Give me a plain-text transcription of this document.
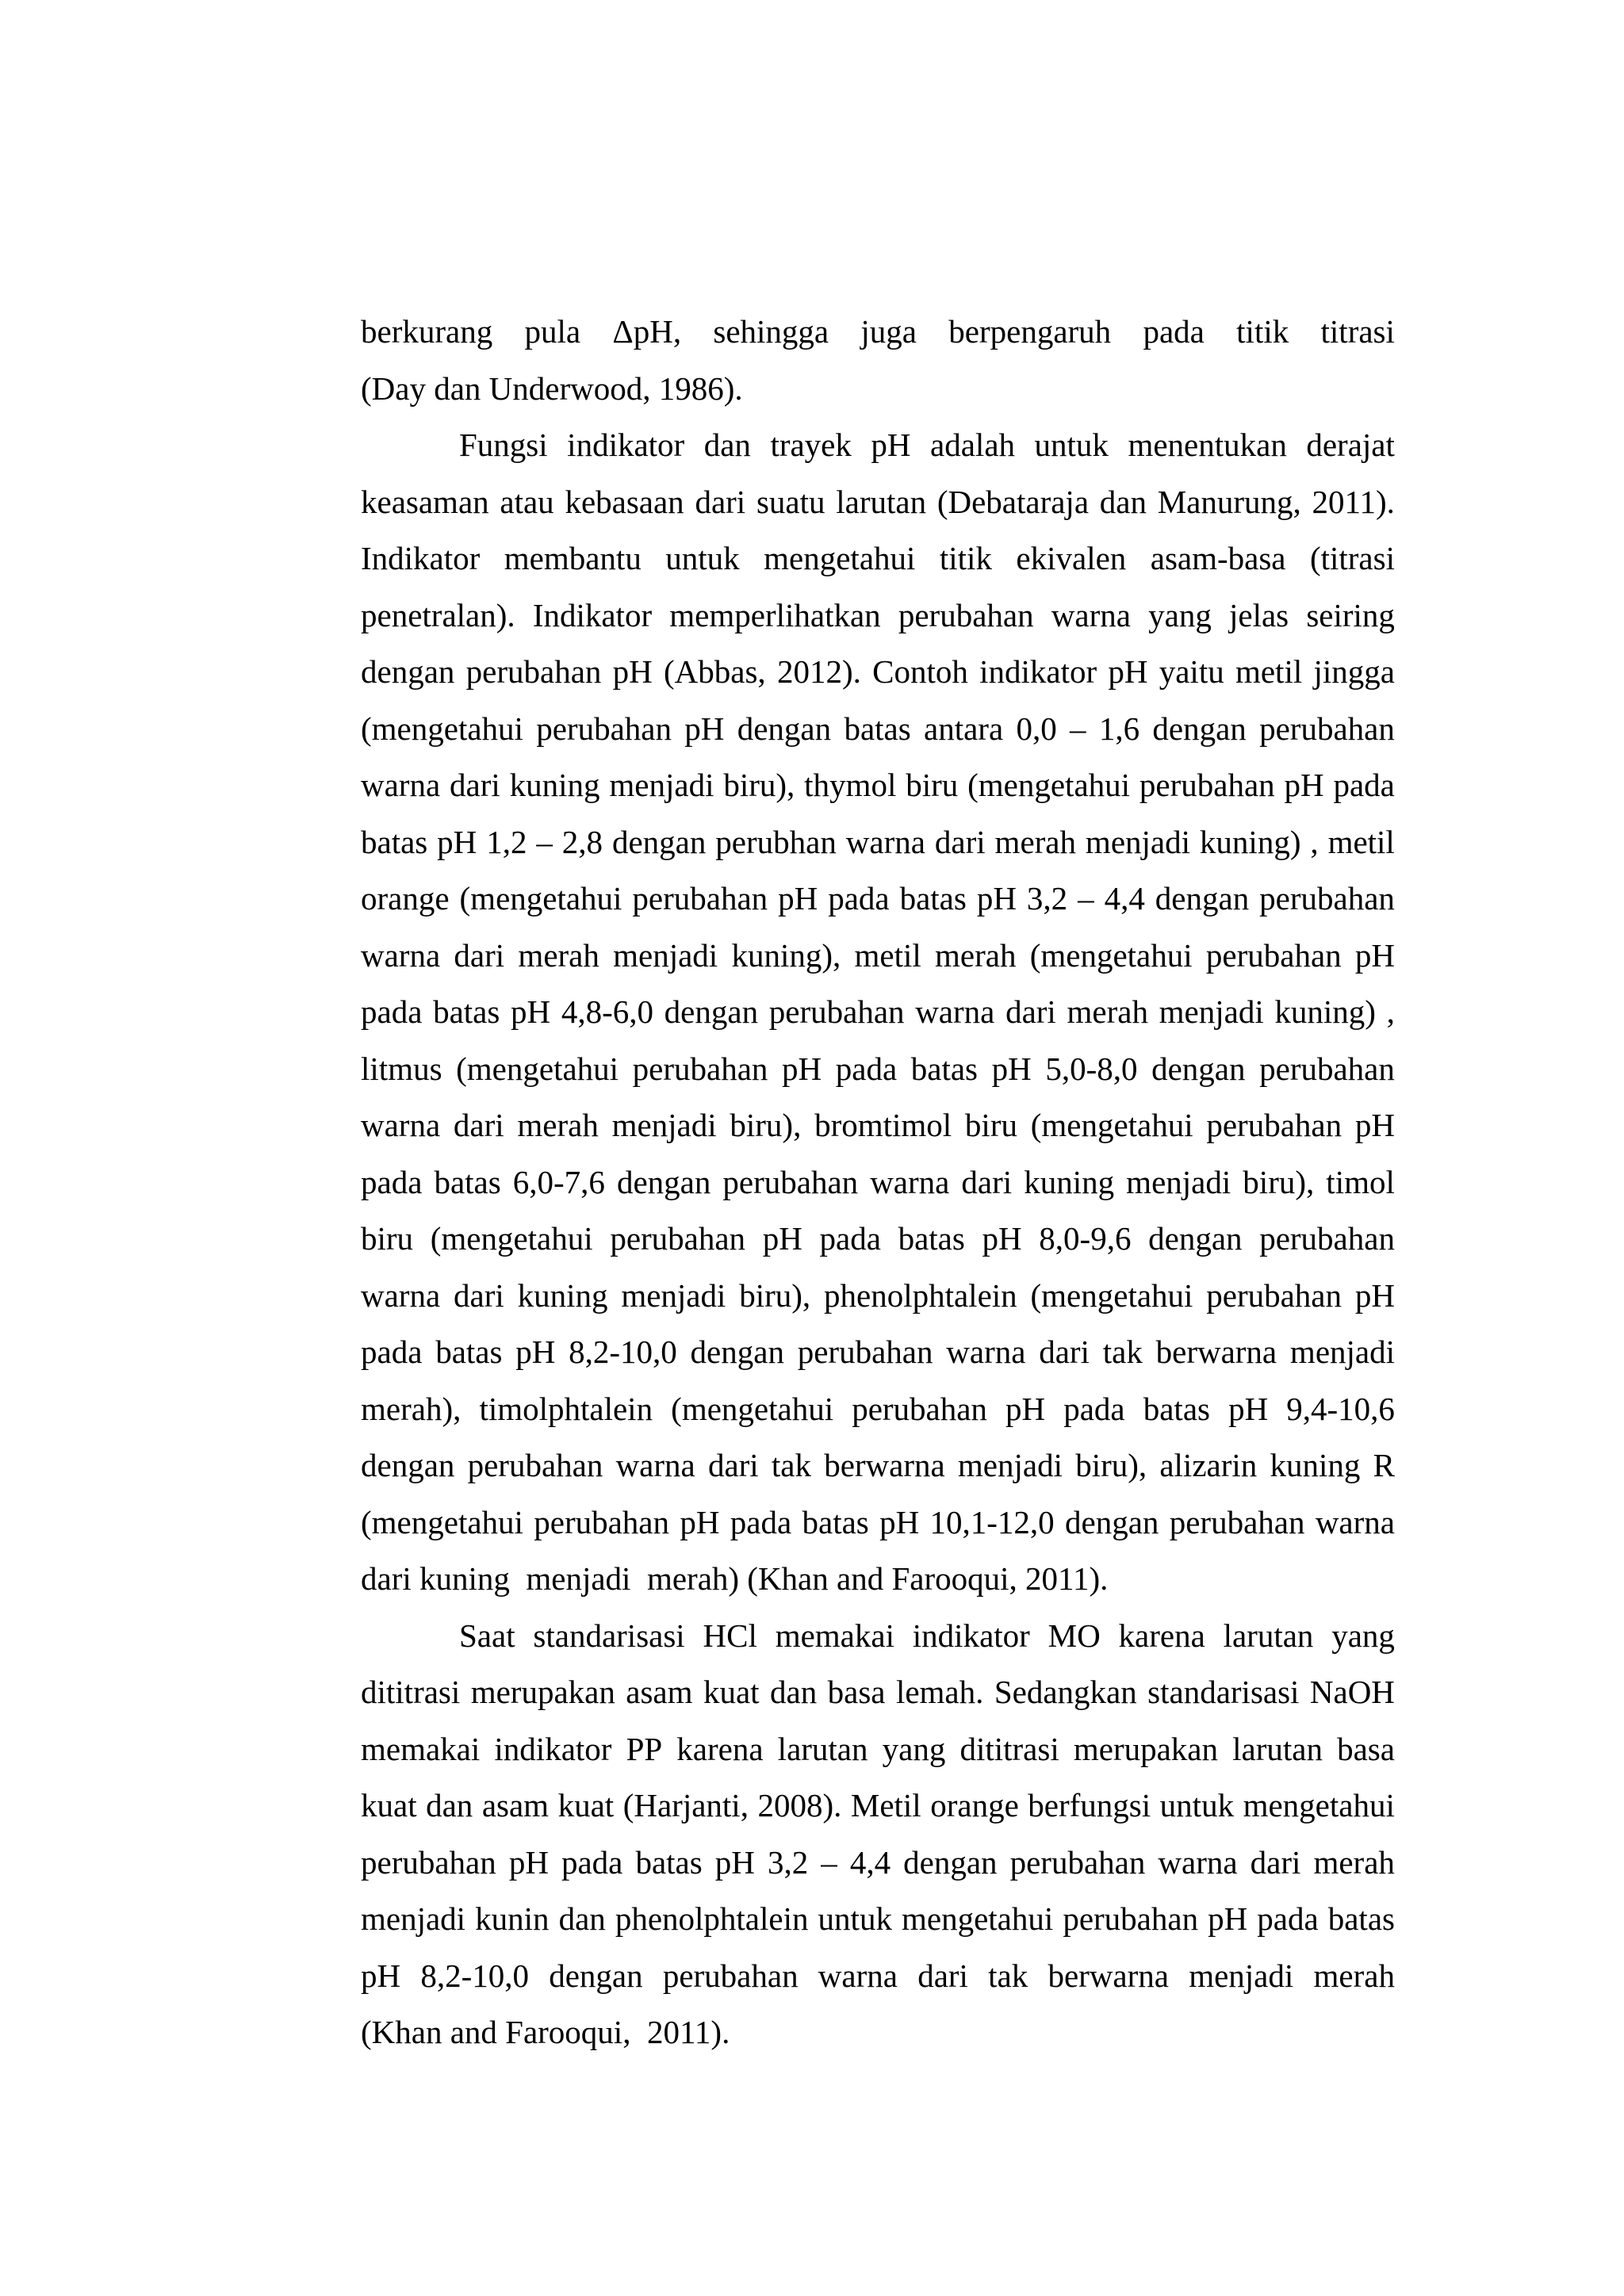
berkurang pula ΔpH, sehingga juga berpengaruh pada titik titrasi
(Day dan Underwood, 1986).
Fungsi indikator dan trayek pH adalah untuk menentukan derajat
keasaman atau kebasaan dari suatu larutan (Debataraja dan Manurung, 2011).
Indikator membantu untuk mengetahui titik ekivalen asam-basa (titrasi
penetralan). Indikator memperlihatkan perubahan warna yang jelas seiring
dengan perubahan pH (Abbas, 2012). Contoh indikator pH yaitu metil jingga
(mengetahui perubahan pH dengan batas antara 0,0 – 1,6 dengan perubahan
warna dari kuning menjadi biru), thymol biru (mengetahui perubahan pH pada
batas pH 1,2 – 2,8 dengan perubhan warna dari merah menjadi kuning) , metil
orange (mengetahui perubahan pH pada batas pH 3,2 – 4,4 dengan perubahan
warna dari merah menjadi kuning), metil merah (mengetahui perubahan pH
pada batas pH 4,8-6,0 dengan perubahan warna dari merah menjadi kuning) ,
litmus (mengetahui perubahan pH pada batas pH 5,0-8,0 dengan perubahan
warna dari merah menjadi biru), bromtimol biru (mengetahui perubahan pH
pada batas 6,0-7,6 dengan perubahan warna dari kuning menjadi biru), timol
biru (mengetahui perubahan pH pada batas pH 8,0-9,6 dengan perubahan
warna dari kuning menjadi biru), phenolphtalein (mengetahui perubahan pH
pada batas pH 8,2-10,0 dengan perubahan warna dari tak berwarna menjadi
merah), timolphtalein (mengetahui perubahan pH pada batas pH 9,4-10,6
dengan perubahan warna dari tak berwarna menjadi biru), alizarin kuning R
(mengetahui perubahan pH pada batas pH 10,1-12,0 dengan perubahan warna
dari kuning  menjadi  merah) (Khan and Farooqui, 2011).
Saat standarisasi HCl memakai indikator MO karena larutan yang
dititrasi merupakan asam kuat dan basa lemah. Sedangkan standarisasi NaOH
memakai indikator PP karena larutan yang dititrasi merupakan larutan basa
kuat dan asam kuat (Harjanti, 2008). Metil orange berfungsi untuk mengetahui
perubahan pH pada batas pH 3,2 – 4,4 dengan perubahan warna dari merah
menjadi kunin dan phenolphtalein untuk mengetahui perubahan pH pada batas
pH 8,2-10,0 dengan perubahan warna dari tak berwarna menjadi merah
(Khan and Farooqui,  2011).
